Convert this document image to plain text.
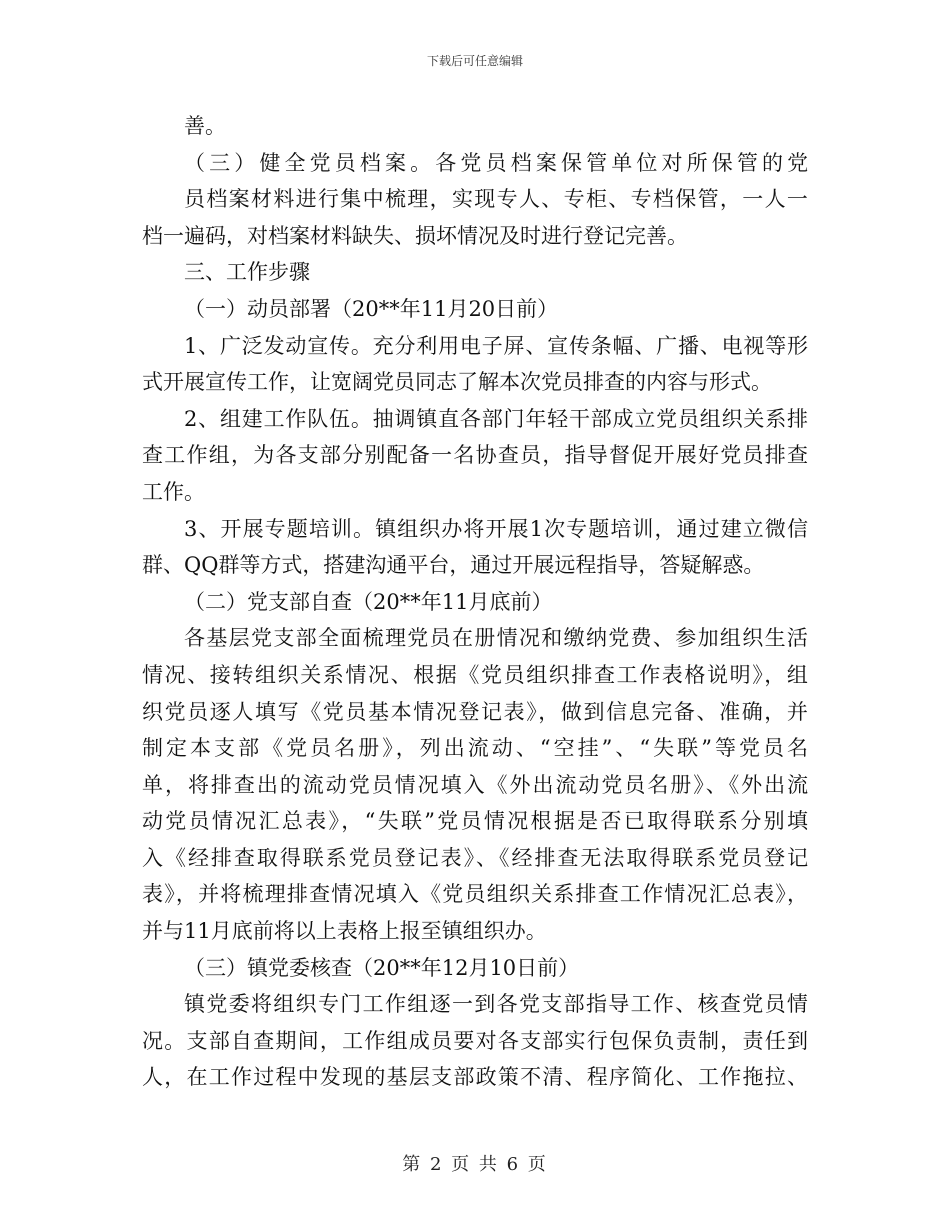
下载后可任意编辑
善。
（三）健全党员档案。各党员档案保管单位对所保管的党
员档案材料进行集中梳理，实现专人、专柜、专档保管，一人一
档一遍码，对档案材料缺失、损坏情况及时进行登记完善。
三、工作步骤
（一）动员部署（20**年11月20日前）
1、广泛发动宣传。充分利用电子屏、宣传条幅、广播、电视等形
式开展宣传工作，让宽阔党员同志了解本次党员排查的内容与形式。
2、组建工作队伍。抽调镇直各部门年轻干部成立党员组织关系排
查工作组，为各支部分别配备一名协查员，指导督促开展好党员排查
工作。
3、开展专题培训。镇组织办将开展1次专题培训，通过建立微信
群、QQ群等方式，搭建沟通平台，通过开展远程指导，答疑解惑。
（二）党支部自查（20**年11月底前）
各基层党支部全面梳理党员在册情况和缴纳党费、参加组织生活
情况、接转组织关系情况、根据《党员组织排查工作表格说明》，组
织党员逐人填写《党员基本情况登记表》，做到信息完备、准确，并
制定本支部《党员名册》，列出流动、“空挂”、“失联”等党员名
单，将排查出的流动党员情况填入《外出流动党员名册》、《外出流
动党员情况汇总表》，“失联”党员情况根据是否已取得联系分别填
入《经排查取得联系党员登记表》、《经排查无法取得联系党员登记
表》，并将梳理排查情况填入《党员组织关系排查工作情况汇总表》，
并与11月底前将以上表格上报至镇组织办。
（三）镇党委核查（20**年12月10日前）
镇党委将组织专门工作组逐一到各党支部指导工作、核查党员情
况。支部自查期间，工作组成员要对各支部实行包保负责制，责任到
人，在工作过程中发现的基层支部政策不清、程序简化、工作拖拉、
第 2 页 共 6 页
